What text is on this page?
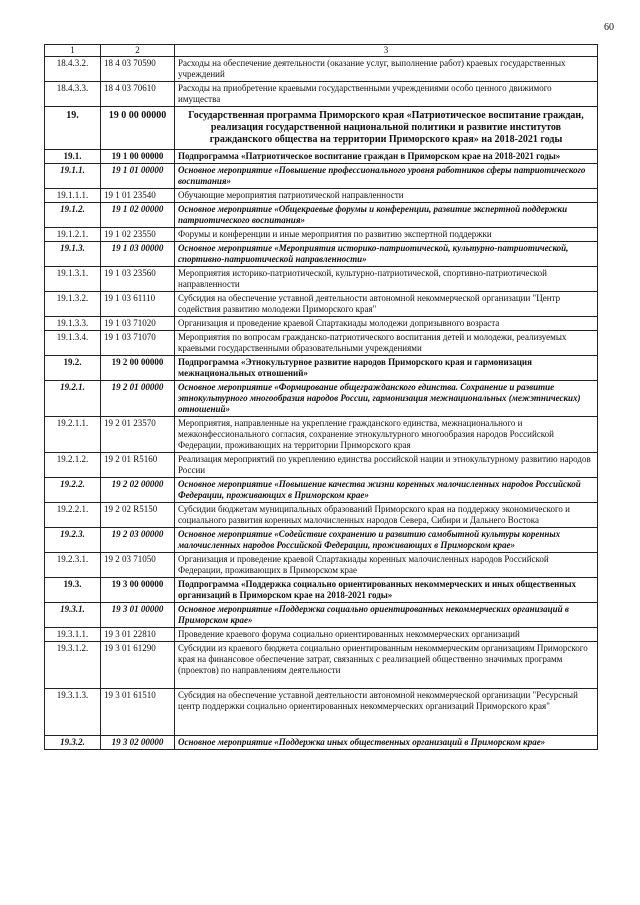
60
1	2	3
18.4.3.2.	18 4 03 70590	Расходы на обеспечение деятельности (оказание услуг, выполнение работ) краевых государственных учреждений
18.4.3.3.	18 4 03 70610	Расходы на приобретение краевыми государственными учреждениями особо ценного движимого имущества
19.	19 0 00 00000	Государственная программа Приморского края «Патриотическое воспитание граждан, реализация государственной национальной политики и развитие институтов гражданского общества на территории Приморского края» на 2018-2021 годы
19.1.	19 1 00 00000	Подпрограмма «Патриотическое воспитание граждан в Приморском крае на 2018-2021 годы»
19.1.1.	19 1 01 00000	Основное мероприятие «Повышение профессионального уровня работников сферы патриотического воспитания»
19.1.1.1.	19 1 01 23540	Обучающие мероприятия патриотической направленности
19.1.2.	19 1 02 00000	Основное мероприятие «Общекраевые форумы и конференции, развитие экспертной поддержки патриотического воспитания»
19.1.2.1.	19 1 02 23550	Форумы и конференции и иные мероприятия по развитию экспертной поддержки
19.1.3.	19 1 03 00000	Основное мероприятие «Мероприятия историко-патриотической, культурно-патриотической, спортивно-патриотической направленности»
19.1.3.1.	19 1 03 23560	Мероприятия историко-патриотической, культурно-патриотической, спортивно-патриотической направленности
19.1.3.2.	19 1 03 61110	Субсидия на обеспечение уставной деятельности автономной некоммерческой организации "Центр содействия развитию молодежи Приморского края"
19.1.3.3.	19 1 03 71020	Организация и проведение краевой Спартакиады молодежи допризывного возраста
19.1.3.4.	19 1 03 71070	Мероприятия по вопросам гражданско-патриотического воспитания детей и молодежи, реализуемых краевыми государственными образовательными учреждениями
19.2.	19 2 00 00000	Подпрограмма «Этнокультурное развитие народов Приморского края и гармонизация межнациональных отношений»
19.2.1.	19 2 01 00000	Основное мероприятие «Формирование общегражданского единства. Сохранение и развитие этнокультурного многообразия народов России, гармонизация межнациональных (межэтнических) отношений»
19.2.1.1.	19 2 01 23570	Мероприятия, направленные на укрепление гражданского единства, межнационального и межконфессионального согласия, сохранение этнокультурного многообразия народов Российской Федерации, проживающих на территории Приморского края
19.2.1.2.	19 2 01 R5160	Реализация мероприятий по укреплению единства российской нации и этнокультурному развитию народов России
19.2.2.	19 2 02 00000	Основное мероприятие «Повышение качества жизни коренных малочисленных народов Российской Федерации, проживающих в Приморском крае»
19.2.2.1.	19 2 02 R5150	Субсидии бюджетам муниципальных образований Приморского края на поддержку экономического и социального развития коренных малочисленных народов Севера, Сибири и Дальнего Востока
19.2.3.	19 2 03 00000	Основное мероприятие «Содействие сохранению и развитию самобытной культуры коренных малочисленных народов Российской Федерации, проживающих в Приморском крае»
19.2.3.1.	19 2 03 71050	Организация и проведение краевой Спартакиады коренных малочисленных народов Российской Федерации, проживающих в Приморском крае
19.3.	19 3 00 00000	Подпрограмма «Поддержка социально ориентированных некоммерческих и иных общественных организаций в Приморском крае на 2018-2021 годы»
19.3.1.	19 3 01 00000	Основное мероприятие «Поддержка социально ориентированных некоммерческих организаций в Приморском крае»
19.3.1.1.	19 3 01 22810	Проведение краевого форума социально ориентированных некоммерческих организаций
19.3.1.2.	19 3 01 61290	Субсидии из краевого бюджета социально ориентированным некоммерческим организациям Приморского края на финансовое обеспечение затрат, связанных с реализацией общественно значимых программ (проектов) по направлениям деятельности
19.3.1.3.	19 3 01 61510	Субсидия на обеспечение уставной деятельности автономной некоммерческой организации "Ресурсный центр поддержки социально ориентированных некоммерческих организаций Приморского края"
19.3.2.	19 3 02 00000	Основное мероприятие «Поддержка иных общественных организаций в Приморском крае»
